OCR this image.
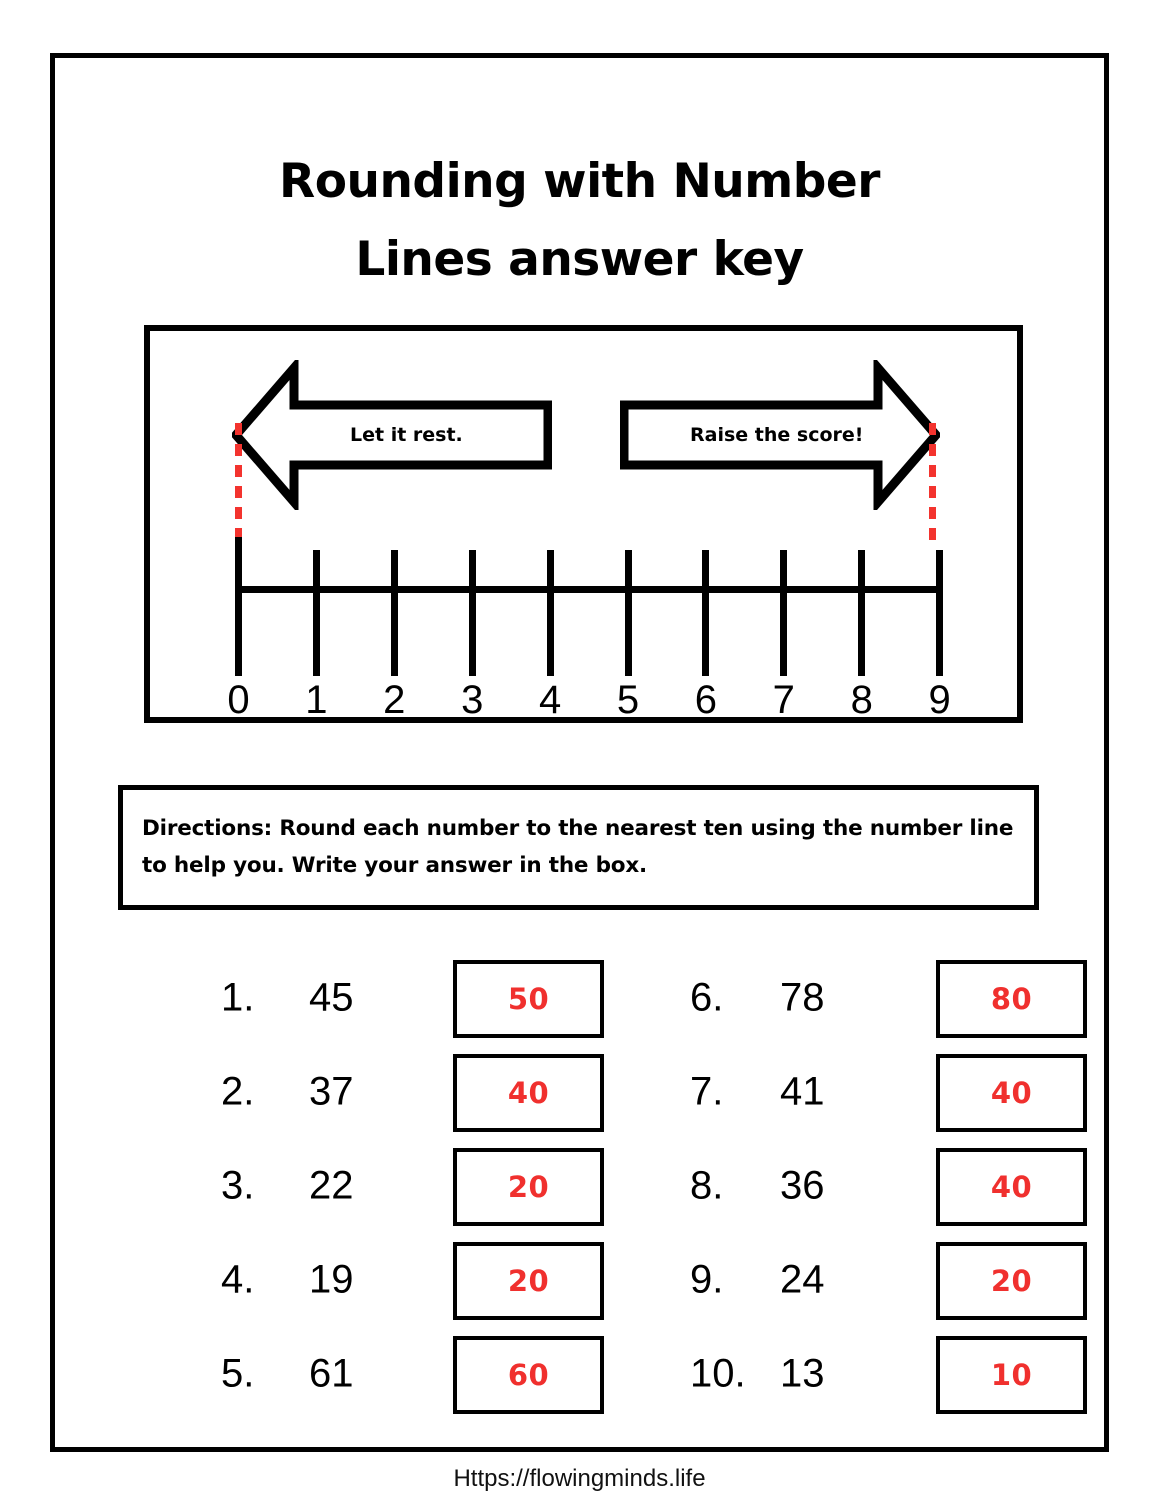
Rounding with Number
Lines answer key
Let it rest.	Raise the score!
0	1	2	3	4	5	6	7	8	9
Directions: Round each number to the nearest ten using the number line to help you. Write your answer in the box.
1. 45	50
2. 37	40
3. 22	20
4. 19	20
5. 61	60
6. 78	80
7. 41	40
8. 36	40
9. 24	20
10. 13	10
Https://flowingminds.life
